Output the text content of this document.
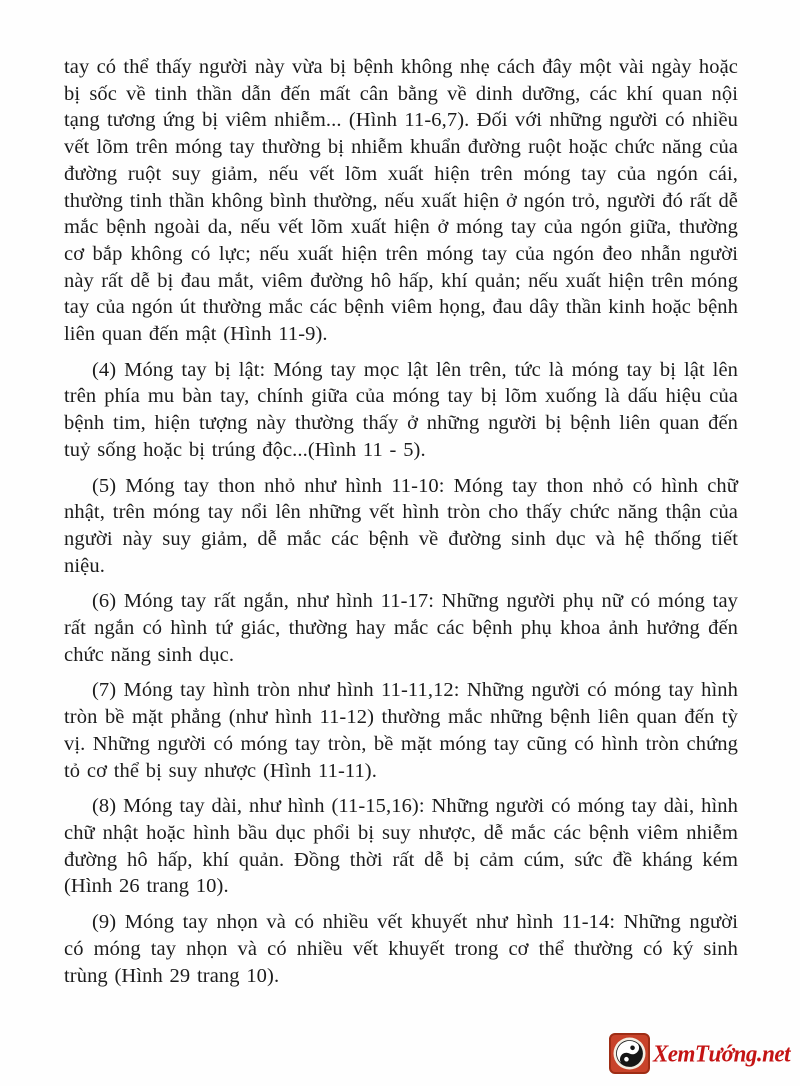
tay có thể thấy người này vừa bị bệnh không nhẹ cách đây một vài ngày hoặc bị sốc về tinh thần dẫn đến mất cân bằng về dinh dưỡng, các khí quan nội tạng tương ứng bị viêm nhiễm... (Hình 11-6,7). Đối với những người có nhiều vết lõm trên móng tay thường bị nhiễm khuẩn đường ruột hoặc chức năng của đường ruột suy giảm, nếu vết lõm xuất hiện trên móng tay của ngón cái, thường tinh thần không bình thường, nếu xuất hiện ở ngón trỏ, người đó rất dễ mắc bệnh ngoài da, nếu vết lõm xuất hiện ở móng tay của ngón giữa, thường cơ bắp không có lực; nếu xuất hiện trên móng tay của ngón đeo nhẫn người này rất dễ bị đau mắt, viêm đường hô hấp, khí quản; nếu xuất hiện trên móng tay của ngón út thường mắc các bệnh viêm họng, đau dây thần kinh hoặc bệnh liên quan đến mật (Hình 11-9).

(4) Móng tay bị lật: Móng tay mọc lật lên trên, tức là móng tay bị lật lên trên phía mu bàn tay, chính giữa của móng tay bị lõm xuống là dấu hiệu của bệnh tim, hiện tượng này thường thấy ở những người bị bệnh liên quan đến tuỷ sống hoặc bị trúng độc...(Hình 11 - 5).

(5) Móng tay thon nhỏ như hình 11-10: Móng tay thon nhỏ có hình chữ nhật, trên móng tay nổi lên những vết hình tròn cho thấy chức năng thận của người này suy giảm, dễ mắc các bệnh về đường sinh dục và hệ thống tiết niệu.

(6) Móng tay rất ngắn, như hình 11-17: Những người phụ nữ có móng tay rất ngắn có hình tứ giác, thường hay mắc các bệnh phụ khoa ảnh hưởng đến chức năng sinh dục.

(7) Móng tay hình tròn như hình 11-11,12: Những người có móng tay hình tròn bề mặt phẳng (như hình 11-12) thường mắc những bệnh liên quan đến tỳ vị. Những người có móng tay tròn, bề mặt móng tay cũng có hình tròn chứng tỏ cơ thể bị suy nhược (Hình 11-11).

(8) Móng tay dài, như hình (11-15,16): Những người có móng tay dài, hình chữ nhật hoặc hình bầu dục phổi bị suy nhược, dễ mắc các bệnh viêm nhiễm đường hô hấp, khí quản. Đồng thời rất dễ bị cảm cúm, sức đề kháng kém (Hình 26 trang 10).

(9) Móng tay nhọn và có nhiều vết khuyết như hình 11-14: Những người có móng tay nhọn và có nhiều vết khuyết trong cơ thể thường có ký sinh trùng (Hình 29 trang 10).

XemTướng.net
